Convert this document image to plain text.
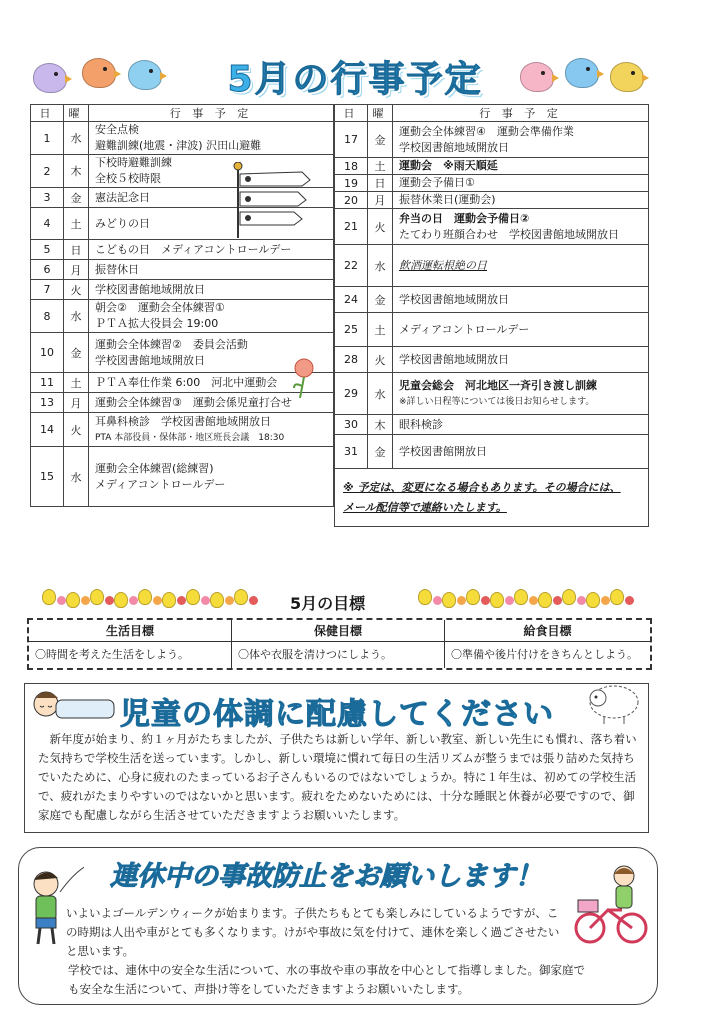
5月の行事予定
日	曜	行 事 予 定
1	水	安全点検
避難訓練(地震・津波) 沢田山避難

2	木	下校時避難訓練
全校５校時限

3	金	憲法記念日

4	土	みどりの日

5	日	こどもの日　メディアコントロールデー

6	月	振替休日

7	火	学校図書館地域開放日

8	水	朝会②　運動会全体練習①
ＰＴＡ拡大役員会 19:00

10	金	運動会全体練習②　委員会活動
学校図書館地域開放日

11	土	ＰＴＡ奉仕作業 6:00　河北中運動会

13	月	運動会全体練習③　運動会係児童打合せ

14	火	耳鼻科検診　学校図書館地域開放日
PTA 本部役員・保体部・地区班長会議　18:30

15	水	運動会全体練習(総練習)
メディアコントロールデー
日	曜	行 事 予 定
17	金	運動会全体練習④　運動会準備作業
学校図書館地域開放日

18	土	運動会　※雨天順延

19	日	運動会予備日①

20	月	振替休業日(運動会)

21	火	弁当の日　運動会予備日②
たてわり班顔合わせ　学校図書館地域開放日

22	水	飲酒運転根絶の日

24	金	学校図書館地域開放日

25	土	メディアコントロールデー

28	火	学校図書館地域開放日

29	水	児童会総会　河北地区一斉引き渡し訓練
※詳しい日程等については後日お知らせします。

30	木	眼科検診

31	金	学校図書館開放日

※ 予定は、変更になる場合もあります。その場合には、
メール配信等で連絡いたします。		
5月の目標
生活目標
〇時間を考えた生活をしよう。
保健目標
〇体や衣服を清けつにしよう。
給食目標
〇準備や後片付けをきちんとしよう。
児童の体調に配慮してください
新年度が始まり、約１ヶ月がたちましたが、子供たちは新しい学年、新しい教室、新しい先生にも慣れ、落ち着いた気持ちで学校生活を送っています。しかし、新しい環境に慣れて毎日の生活リズムが整うまでは張り詰めた気持ちでいたために、心身に疲れのたまっているお子さんもいるのではないでしょうか。特に１年生は、初めての学校生活で、疲れがたまりやすいのではないかと思います。疲れをためないためには、十分な睡眠と休養が必要ですので、御家庭でも配慮しながら生活させていただきますようお願いいたします。
連休中の事故防止をお願いします！
いよいよゴールデンウィークが始まります。子供たちもとても楽しみにしているようですが、この時期は人出や車がとても多くなります。けがや事故に気を付けて、連休を楽しく過ごさせたいと思います。
学校では、連休中の安全な生活について、水の事故や車の事故を中心として指導しました。御家庭でも安全な生活について、声掛け等をしていただきますようお願いいたします。
